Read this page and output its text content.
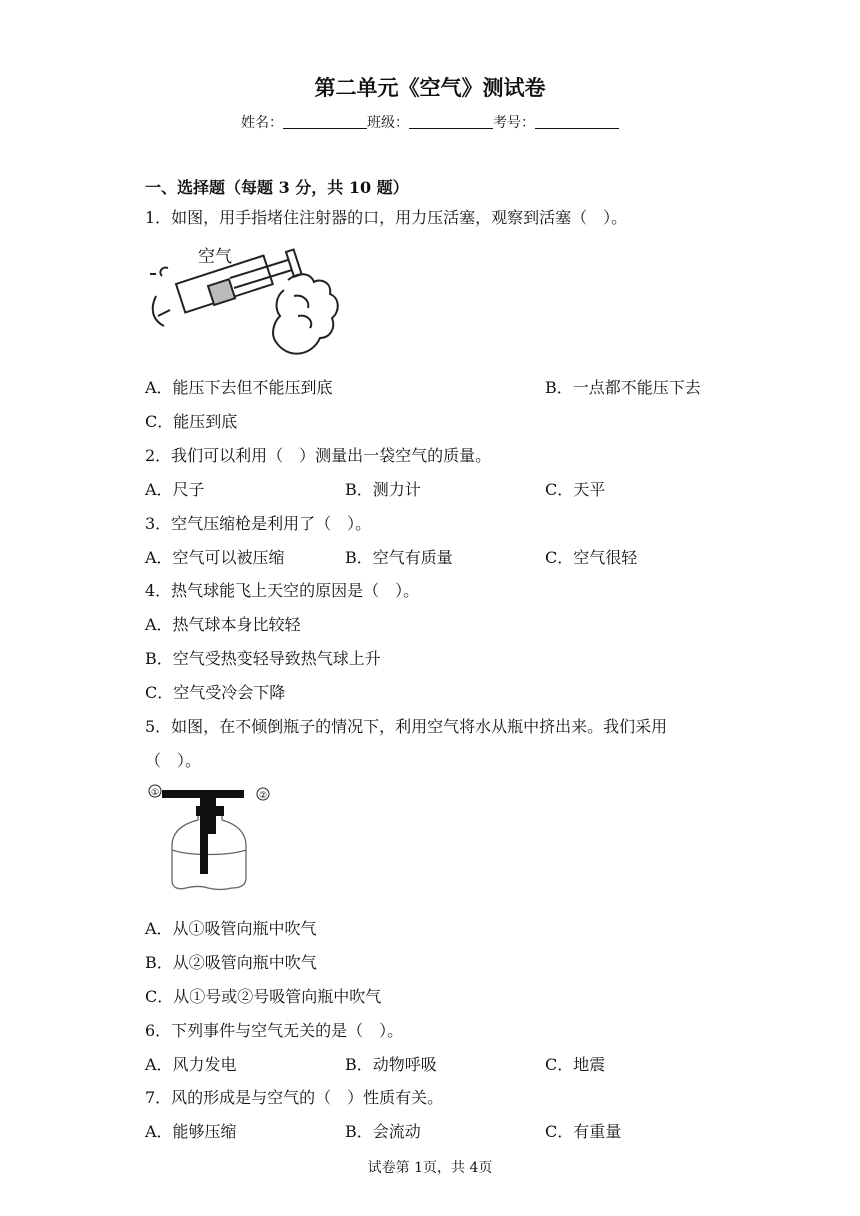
第二单元《空气》测试卷
姓名：	班级：	考号：
一、选择题（每题 3 分，共 10 题）
1．如图，用手指堵住注射器的口，用力压活塞，观察到活塞（　）。
空气
A．能压下去但不能压到底	B．一点都不能压下去
C．能压到底
2．我们可以利用（　）测量出一袋空气的质量。
A．尺子	B．测力计	C．天平
3．空气压缩枪是利用了（　）。
A．空气可以被压缩	B．空气有质量	C．空气很轻
4．热气球能飞上天空的原因是（　）。
A．热气球本身比较轻
B．空气受热变轻导致热气球上升
C．空气受冷会下降
5．如图，在不倾倒瓶子的情况下，利用空气将水从瓶中挤出来。我们采用
（　）。
①	②
A．从①吸管向瓶中吹气
B．从②吸管向瓶中吹气
C．从①号或②号吸管向瓶中吹气
6．下列事件与空气无关的是（　）。
A．风力发电	B．动物呼吸	C．地震
7．风的形成是与空气的（　）性质有关。
A．能够压缩	B．会流动	C．有重量
试卷第 1页，共 4页
